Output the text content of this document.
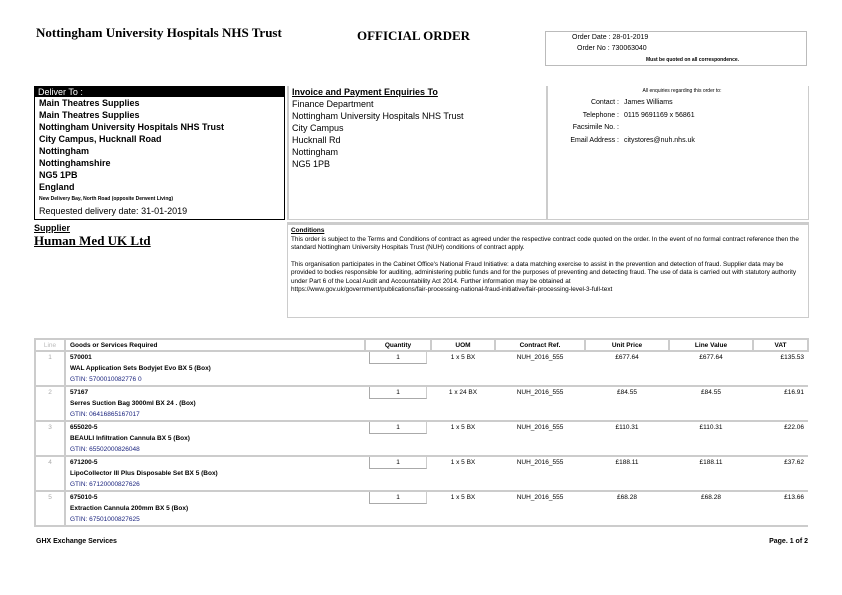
Nottingham University Hospitals NHS Trust	OFFICIAL ORDER	Order Date : 28-01-2019
Order No : 730063040
Must be quoted on all correspondence.
Deliver To :
Main Theatres Supplies
Main Theatres Supplies
Nottingham University Hospitals NHS Trust
City Campus, Hucknall Road
Nottingham
Nottinghamshire
NG5 1PB
England
New Delivery Bay, North Road (opposite Derwent Living)
Requested delivery date: 31-01-2019
Invoice and Payment Enquiries To
Finance Department
Nottingham University Hospitals NHS Trust
City Campus
Hucknall Rd
Nottingham
NG5 1PB
All enquiries regarding this order to:
Contact : James Williams
Telephone : 0115 9691169 x 56861
Facsimile No. :
Email Address : citystores@nuh.nhs.uk
Supplier
Human Med UK Ltd
Conditions
This order is subject to the Terms and Conditions of contract as agreed under the respective contract code quoted on the order. In the event of no formal contract reference then the standard Nottingham University Hospitals Trust (NUH) conditions of contract apply.
This organisation participates in the Cabinet Office's National Fraud Initiative: a data matching exercise to assist in the prevention and detection of fraud. Supplier data may be provided to bodies responsible for auditing, administering public funds and for the purposes of preventing and detecting fraud. The use of data is carried out with statutory authority under Part 6 of the Local Audit and Accountability Act 2014. Further information may be obtained at
https://www.gov.uk/government/publications/fair-processing-national-fraud-initiative/fair-processing-level-3-full-text
Line	Goods or Services Required	Quantity	UOM	Contract Ref.	Unit Price	Line Value	VAT
1	570001
WAL Application Sets Bodyjet Evo BX 5 (Box)
GTIN: 5700010082776 0	1	1 x 5 BX	NUH_2016_555	£677.64	£677.64	£135.53
2	57167
Serres Suction Bag 3000ml BX 24 . (Box)
GTIN: 06416865167017	1	1 x 24 BX	NUH_2016_555	£84.55	£84.55	£16.91
3	655020-5
BEAULI Infiltration Cannula BX 5 (Box)
GTIN: 65502000826048	1	1 x 5 BX	NUH_2016_555	£110.31	£110.31	£22.06
4	671200-5
LipoCollector III Plus Disposable Set BX 5 (Box)
GTIN: 67120000827626	1	1 x 5 BX	NUH_2016_555	£188.11	£188.11	£37.62
5	675010-5
Extraction Cannula 200mm BX 5 (Box)
GTIN: 67501000827625	1	1 x 5 BX	NUH_2016_555	£68.28	£68.28	£13.66
GHX Exchange Services	Page. 1 of 2
